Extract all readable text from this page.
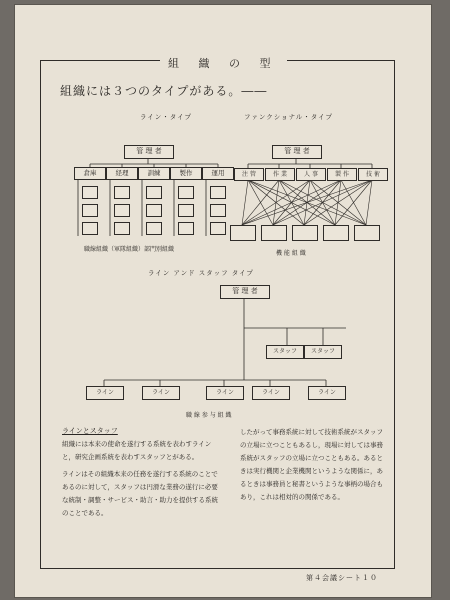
組 織 の 型
組織には３つのタイプがある。――
ライン・タイプ
管 理 者
倉庫	経理	訓練	製作	運用
職線組織（軍隊組織）部門別組織
ファンクショナル・タイプ
管 理 者
注 管	作 業	人 事	製 作	技 術
機 能 組 織
ライン アンド スタッフ タイプ
管 理 者
スタッフ	スタッフ
ライン	ライン	ライン	ライン	ライン
職 線 参 与 組 織
ラインとスタッフ

組織には本来の使命を遂行する系統を表わすラインと，研究企画系統を表わすスタッフとがある。

ラインはその組織本来の任務を遂行する系統のことであるのに対して，スタッフは円滑な業務の遂行に必要な統制・調整・サービス・助言・助力を提供する系統のことである。

したがって事務系統に対して技術系統がスタッフの立場に立つこともあるし，現場に対しては事務系統がスタッフの立場に立つこともある。あるときは実行機関と企業機関というような関係に，あるときは事務員と秘書というような事柄の場合もあり，これは相対的の関係である。

第４会議シート１０
